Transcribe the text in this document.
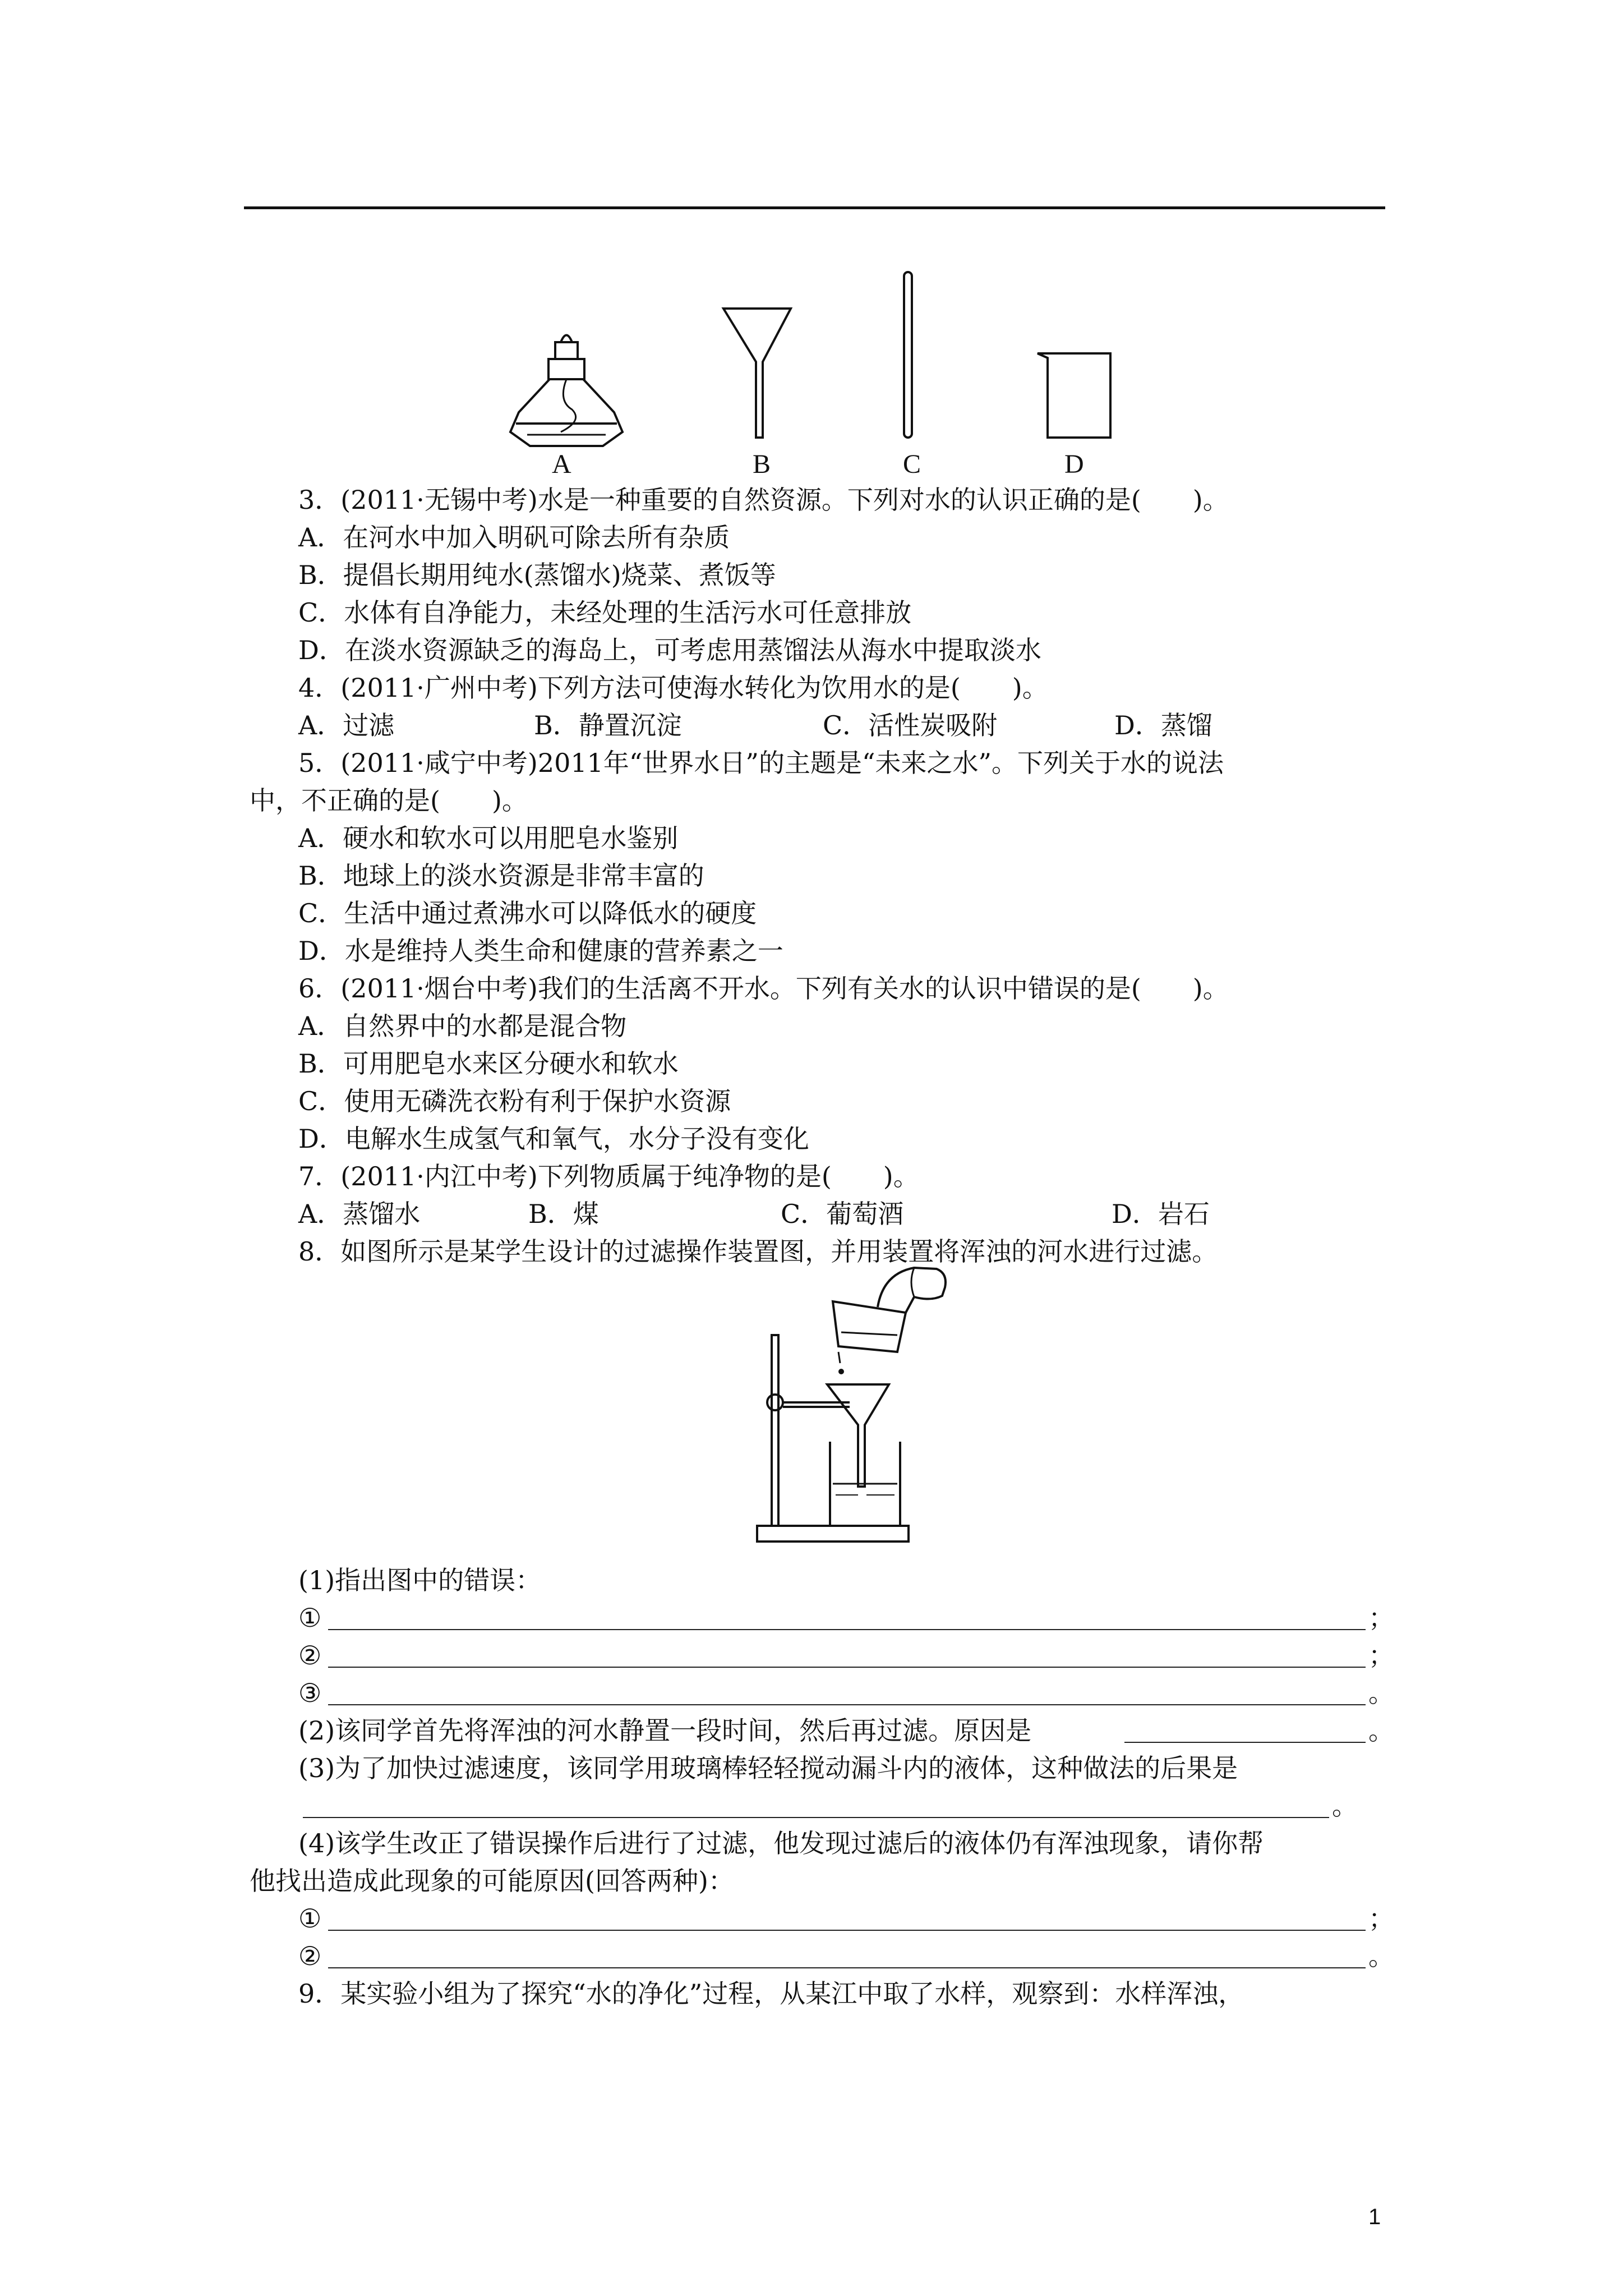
A	B	C	D
3．(2011·无锡中考)水是一种重要的自然资源。下列对水的认识正确的是(　　)。
A．在河水中加入明矾可除去所有杂质
B．提倡长期用纯水(蒸馏水)烧菜、煮饭等
C．水体有自净能力，未经处理的生活污水可任意排放
D．在淡水资源缺乏的海岛上，可考虑用蒸馏法从海水中提取淡水
4．(2011·广州中考)下列方法可使海水转化为饮用水的是(　　)。
A．过滤	B．静置沉淀	C．活性炭吸附	D．蒸馏
5．(2011·咸宁中考)2011年“世界水日”的主题是“未来之水”。下列关于水的说法
中，不正确的是(　　)。
A．硬水和软水可以用肥皂水鉴别
B．地球上的淡水资源是非常丰富的
C．生活中通过煮沸水可以降低水的硬度
D．水是维持人类生命和健康的营养素之一
6．(2011·烟台中考)我们的生活离不开水。下列有关水的认识中错误的是(　　)。
A．自然界中的水都是混合物
B．可用肥皂水来区分硬水和软水
C．使用无磷洗衣粉有利于保护水资源
D．电解水生成氢气和氧气，水分子没有变化
7．(2011·内江中考)下列物质属于纯净物的是(　　)。
A．蒸馏水	B．煤	C．葡萄酒	D．岩石
8．如图所示是某学生设计的过滤操作装置图，并用装置将浑浊的河水进行过滤。
(1)指出图中的错误：
①	；
②	；
③	。
(2)该同学首先将浑浊的河水静置一段时间，然后再过滤。原因是	。
(3)为了加快过滤速度，该同学用玻璃棒轻轻搅动漏斗内的液体，这种做法的后果是
。
(4)该学生改正了错误操作后进行了过滤，他发现过滤后的液体仍有浑浊现象，请你帮
他找出造成此现象的可能原因(回答两种)：
①	；
②	。
9．某实验小组为了探究“水的净化”过程，从某江中取了水样，观察到：水样浑浊，
1
